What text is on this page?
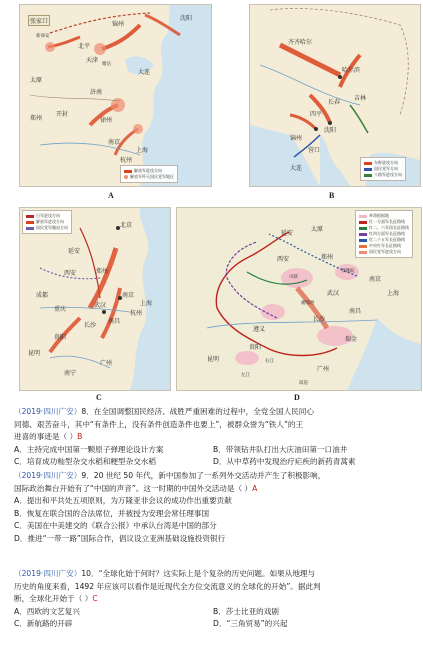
张家口	锦州
北平
沈阳
天津
大连
太原
新保安
塘沽
济南
开封
郑州	徐州
南京
上海
杭州
解放军进攻方向
解放军歼灭国民党军地区
A
齐齐哈尔
哈尔滨
吉林
长春
四平
沈阳
锦州
营口
大连
东野进攻方向
国民党军方向
八路军进攻方向
B
北京
延安
西安	郑州
武汉
南京
上海
杭州
长沙
南昌
重庆
成都
贵阳
昆明
广州
南宁
日军进攻方向
解放军进攻方向
国民党军撤退方向
C
延安
西安
太原
郑州
武汉
南京
上海
南昌
瑞金
遵义
贵阳
长沙
昆明
广州
川陕
湘鄂西
鄂豫皖
左江
右江
琼崖
革命根据地
红一方面军长征路线
红二、六军团长征路线
红四方面军长征路线
红二十五军长征路线
中央红军长征路线
国民党军进攻方向
D
（2019·四川广安）8．在全国调整国民经济、战胜严重困难的过程中，全党全国人民同心
同德、艰苦奋斗，其中“有条件上，没有条件创造条件也要上”，被群众誉为“铁人”的王
进喜的事迹是（ ）B
A．主持完成中国第一颗原子弹理论设计方案	B．带领钻井队打出大庆油田第一口油井
C．培育成功籼型杂交水稻和粳型杂交水稻	D．从中草药中发现治疗疟疾的新药青蒿素
（2019·四川广安）9．20 世纪 50 年代，新中国参加了一系列外交活动并产生了积极影响，
国际政治舞台开始有了“中国的声音”。这一时期的中国外交活动是（ ）A
A．提出和平共处五项原则，为万隆亚非会议的成功作出重要贡献
B．恢复在联合国的合法席位，并被授为安理会常任理事国
C．美国在中美建交的《联合公报》中承认台湾是中国的部分
D．推进“一带一路”国际合作，倡议设立亚洲基础设施投资银行
（2019·四川广安）10．“全球化始于何时？这实际上是个复杂的历史问题。如果从地理与
历史的角度来看，1492 年应该可以看作是近现代全方位交流意义的全球化的开始”。据此判
断，全球化开始于（ ）C
A．西欧的文艺复兴	B．莎士比亚的戏剧
C．新航路的开辟	D．“三角贸易”的兴起
